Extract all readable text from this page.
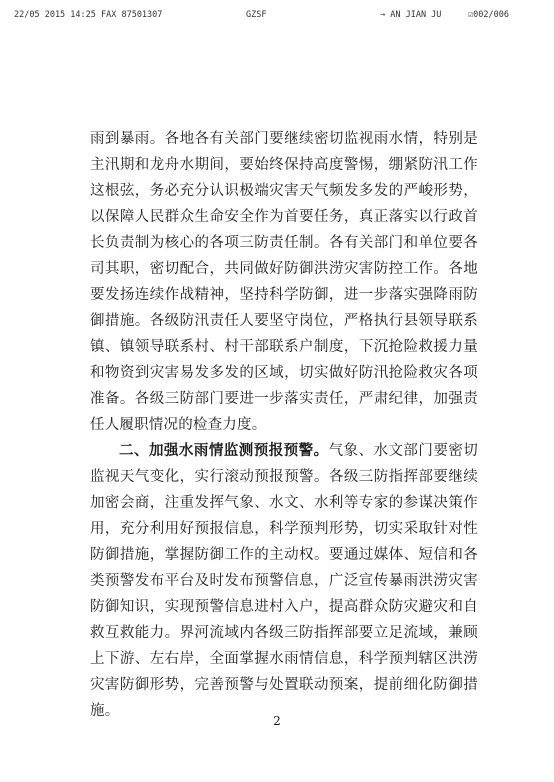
22/05 2015 14:25 FAX 87501307	GZSF	→ AN JIAN JU	☑002/006

雨到暴雨。各地各有关部门要继续密切监视雨水情，特别是主汛期和龙舟水期间，要始终保持高度警惕，绷紧防汛工作这根弦，务必充分认识极端灾害天气频发多发的严峻形势，以保障人民群众生命安全作为首要任务，真正落实以行政首长负责制为核心的各项三防责任制。各有关部门和单位要各司其职，密切配合，共同做好防御洪涝灾害防控工作。各地要发扬连续作战精神，坚持科学防御，进一步落实强降雨防御措施。各级防汛责任人要坚守岗位，严格执行县领导联系镇、镇领导联系村、村干部联系户制度，下沉抢险救援力量和物资到灾害易发多发的区域，切实做好防汛抢险救灾各项准备。各级三防部门要进一步落实责任，严肃纪律，加强责任人履职情况的检查力度。

二、加强水雨情监测预报预警。气象、水文部门要密切监视天气变化，实行滚动预报预警。各级三防指挥部要继续加密会商，注重发挥气象、水文、水利等专家的参谋决策作用，充分利用好预报信息，科学预判形势，切实采取针对性防御措施，掌握防御工作的主动权。要通过媒体、短信和各类预警发布平台及时发布预警信息，广泛宣传暴雨洪涝灾害防御知识，实现预警信息进村入户，提高群众防灾避灾和自救互救能力。界河流域内各级三防指挥部要立足流域，兼顾上下游、左右岸，全面掌握水雨情信息，科学预判辖区洪涝灾害防御形势，完善预警与处置联动预案，提前细化防御措施。

2
